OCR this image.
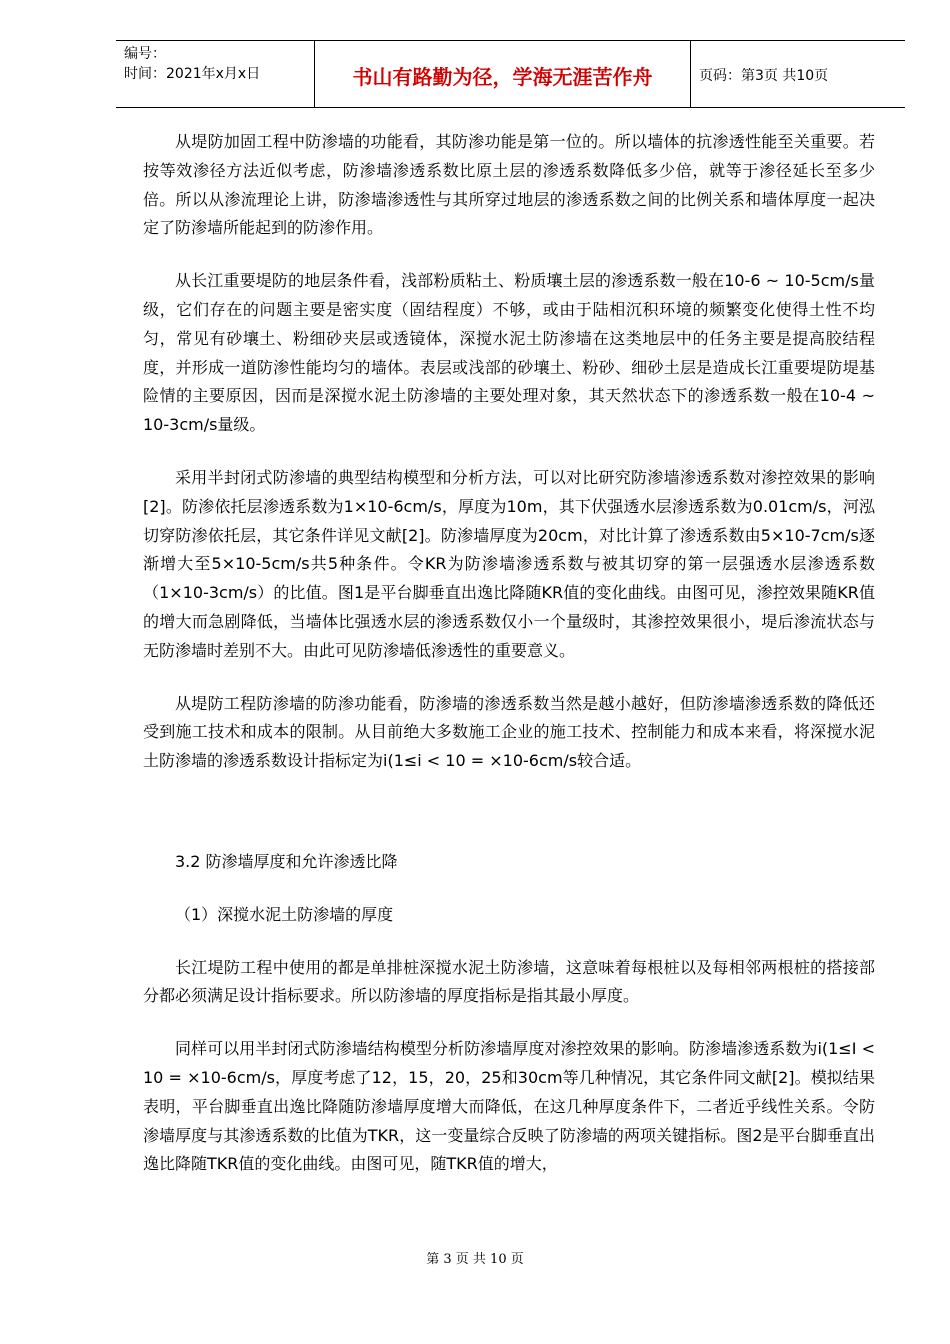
编号：
时间：2021年x月x日	书山有路勤为径，学海无涯苦作舟	页码：第3页 共10页

从堤防加固工程中防渗墙的功能看，其防渗功能是第一位的。所以墙体的抗渗透性能至关重要。若按等效渗径方法近似考虑，防渗墙渗透系数比原土层的渗透系数降低多少倍，就等于渗径延长至多少倍。所以从渗流理论上讲，防渗墙渗透性与其所穿过地层的渗透系数之间的比例关系和墙体厚度一起决定了防渗墙所能起到的防渗作用。

从长江重要堤防的地层条件看，浅部粉质粘土、粉质壤土层的渗透系数一般在10-6 ~ 10-5cm/s量级，它们存在的问题主要是密实度（固结程度）不够，或由于陆相沉积环境的频繁变化使得土性不均匀，常见有砂壤土、粉细砂夹层或透镜体，深搅水泥土防渗墙在这类地层中的任务主要是提高胶结程度，并形成一道防渗性能均匀的墙体。表层或浅部的砂壤土、粉砂、细砂土层是造成长江重要堤防堤基险情的主要原因，因而是深搅水泥土防渗墙的主要处理对象，其天然状态下的渗透系数一般在10-4 ~ 10-3cm/s量级。

采用半封闭式防渗墙的典型结构模型和分析方法，可以对比研究防渗墙渗透系数对渗控效果的影响[2]。防渗依托层渗透系数为1×10-6cm/s，厚度为10m，其下伏强透水层渗透系数为0.01cm/s，河泓切穿防渗依托层，其它条件详见文献[2]。防渗墙厚度为20cm，对比计算了渗透系数由5×10-7cm/s逐渐增大至5×10-5cm/s共5种条件。令KR为防渗墙渗透系数与被其切穿的第一层强透水层渗透系数（1×10-3cm/s）的比值。图1是平台脚垂直出逸比降随KR值的变化曲线。由图可见，渗控效果随KR值的增大而急剧降低，当墙体比强透水层的渗透系数仅小一个量级时，其渗控效果很小，堤后渗流状态与无防渗墙时差别不大。由此可见防渗墙低渗透性的重要意义。

从堤防工程防渗墙的防渗功能看，防渗墙的渗透系数当然是越小越好，但防渗墙渗透系数的降低还受到施工技术和成本的限制。从目前绝大多数施工企业的施工技术、控制能力和成本来看，将深搅水泥土防渗墙的渗透系数设计指标定为i(1≤i < 10 = ×10-6cm/s较合适。

3.2 防渗墙厚度和允许渗透比降

（1）深搅水泥土防渗墙的厚度

长江堤防工程中使用的都是单排桩深搅水泥土防渗墙，这意味着每根桩以及每相邻两根桩的搭接部分都必须满足设计指标要求。所以防渗墙的厚度指标是指其最小厚度。

同样可以用半封闭式防渗墙结构模型分析防渗墙厚度对渗控效果的影响。防渗墙渗透系数为i(1≤I < 10 = ×10-6cm/s，厚度考虑了12，15，20，25和30cm等几种情况，其它条件同文献[2]。模拟结果表明，平台脚垂直出逸比降随防渗墙厚度增大而降低，在这几种厚度条件下，二者近乎线性关系。令防渗墙厚度与其渗透系数的比值为TKR，这一变量综合反映了防渗墙的两项关键指标。图2是平台脚垂直出逸比降随TKR值的变化曲线。由图可见，随TKR值的增大，

第 3 页 共 10 页
